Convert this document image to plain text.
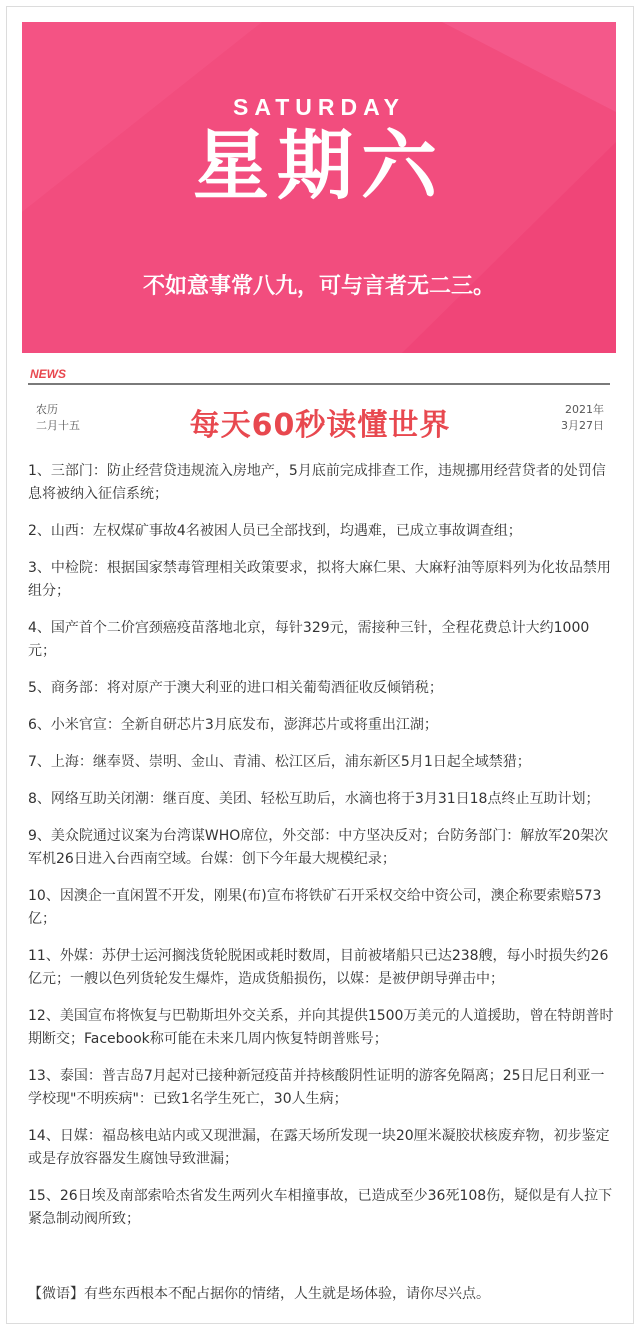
SATURDAY
星期六
不如意事常八九，可与言者无二三。
NEWS
农历
二月十五	每天60秒读懂世界	2021年
3月27日
1、三部门：防止经营贷违规流入房地产，5月底前完成排查工作，违规挪用经营贷者的处罚信息将被纳入征信系统；
2、山西：左权煤矿事故4名被困人员已全部找到，均遇难，已成立事故调查组；
3、中检院：根据国家禁毒管理相关政策要求，拟将大麻仁果、大麻籽油等原料列为化妆品禁用组分；
4、国产首个二价宫颈癌疫苗落地北京，每针329元，需接种三针，全程花费总计大约1000元；
5、商务部：将对原产于澳大利亚的进口相关葡萄酒征收反倾销税；
6、小米官宣：全新自研芯片3月底发布，澎湃芯片或将重出江湖；
7、上海：继奉贤、崇明、金山、青浦、松江区后，浦东新区5月1日起全域禁猎；
8、网络互助关闭潮：继百度、美团、轻松互助后，水滴也将于3月31日18点终止互助计划；
9、美众院通过议案为台湾谋WHO席位，外交部：中方坚决反对；台防务部门：解放军20架次军机26日进入台西南空域。台媒：创下今年最大规模纪录；
10、因澳企一直闲置不开发，刚果(布)宣布将铁矿石开采权交给中资公司，澳企称要索赔573亿；
11、外媒：苏伊士运河搁浅货轮脱困或耗时数周，目前被堵船只已达238艘，每小时损失约26亿元；一艘以色列货轮发生爆炸，造成货船损伤，以媒：是被伊朗导弹击中；
12、美国宣布将恢复与巴勒斯坦外交关系，并向其提供1500万美元的人道援助，曾在特朗普时期断交；Facebook称可能在未来几周内恢复特朗普账号；
13、泰国：普吉岛7月起对已接种新冠疫苗并持核酸阴性证明的游客免隔离；25日尼日利亚一学校现"不明疾病"：已致1名学生死亡，30人生病；
14、日媒：福岛核电站内或又现泄漏，在露天场所发现一块20厘米凝胶状核废弃物，初步鉴定或是存放容器发生腐蚀导致泄漏；
15、26日埃及南部索哈杰省发生两列火车相撞事故，已造成至少36死108伤，疑似是有人拉下紧急制动阀所致；
【微语】有些东西根本不配占据你的情绪，人生就是场体验，请你尽兴点。
